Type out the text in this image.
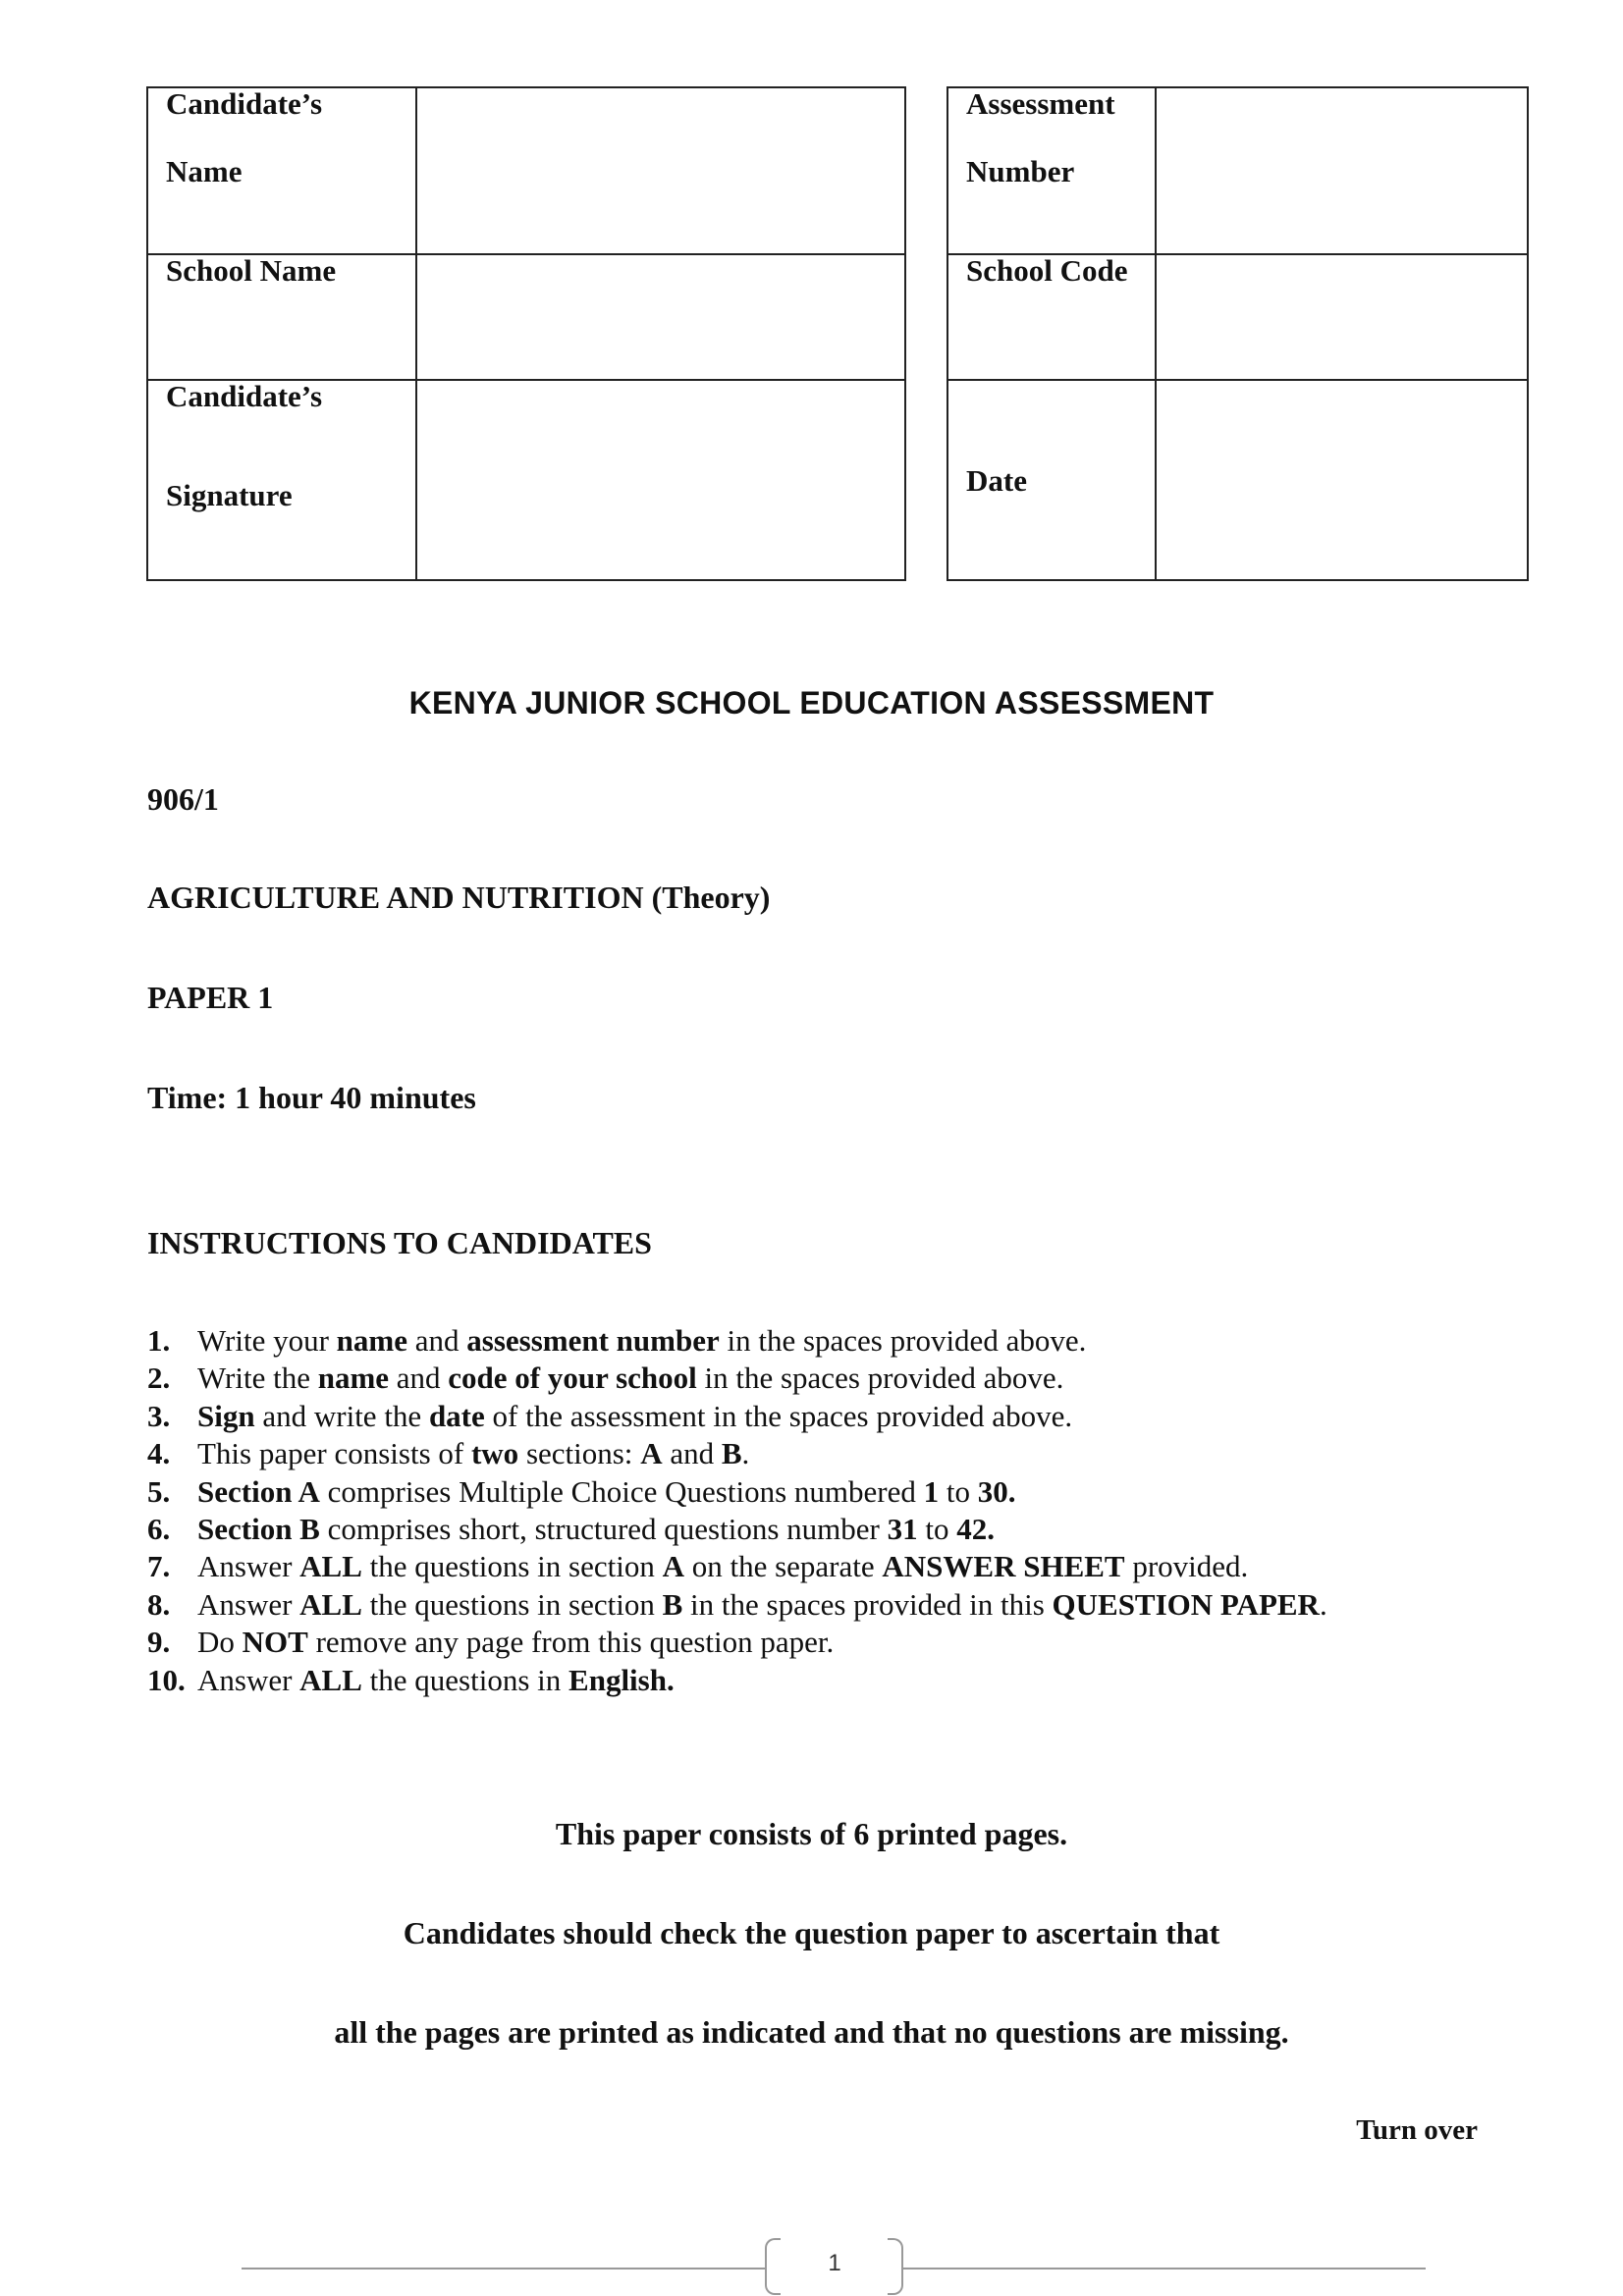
Candidate’s
Name	

School Name	
Candidate’s
Signature	

Assessment
Number	

School Code	
Date	
KENYA JUNIOR SCHOOL EDUCATION ASSESSMENT
906/1
AGRICULTURE AND NUTRITION (Theory)
PAPER 1
Time: 1 hour 40 minutes
INSTRUCTIONS TO CANDIDATES
1. Write your name and assessment number in the spaces provided above.
2. Write the name and code of your school in the spaces provided above.
3. Sign and write the date of the assessment in the spaces provided above.
4. This paper consists of two sections: A and B.
5. Section A comprises Multiple Choice Questions numbered 1 to 30.
6. Section B comprises short, structured questions number 31 to 42.
7. Answer ALL the questions in section A on the separate ANSWER SHEET provided.
8. Answer ALL the questions in section B in the spaces provided in this QUESTION PAPER.
9. Do NOT remove any page from this question paper.
10. Answer ALL the questions in English.
This paper consists of 6 printed pages.
Candidates should check the question paper to ascertain that
all the pages are printed as indicated and that no questions are missing.
Turn over
1
